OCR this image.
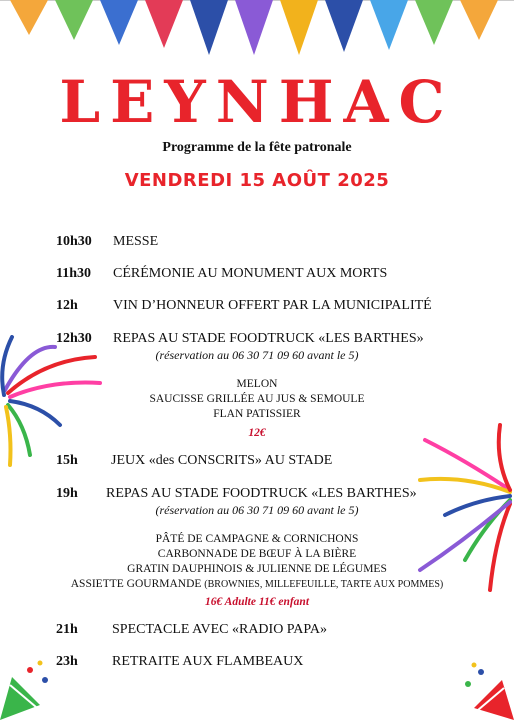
LEYNHAC
Programme de la fête patronale
VENDREDI 15 AOÛT 2025
10h30 MESSE
11h30 CÉRÉMONIE AU MONUMENT AUX MORTS
12h	VIN D’HONNEUR OFFERT PAR LA MUNICIPALITÉ
12h30 REPAS AU STADE FOODTRUCK «LES BARTHES»
(réservation au 06 30 71 09 60 avant le 5)
MELON
SAUCISSE GRILLÉE AU JUS & SEMOULE
FLAN PATISSIER
12€
15h JEUX «des CONSCRITS» AU STADE
19h REPAS AU STADE FOODTRUCK «LES BARTHES»
(réservation au 06 30 71 09 60 avant le 5)
PÂTÉ DE CAMPAGNE & CORNICHONS
CARBONNADE DE BŒUF À LA BIÈRE
GRATIN DAUPHINOIS & JULIENNE DE LÉGUMES
ASSIETTE GOURMANDE (BROWNIES, MILLEFEUILLE, TARTE AUX POMMES)
16€ Adulte 11€ enfant
21h SPECTACLE AVEC «RADIO PAPA»
23h RETRAITE AUX FLAMBEAUX
